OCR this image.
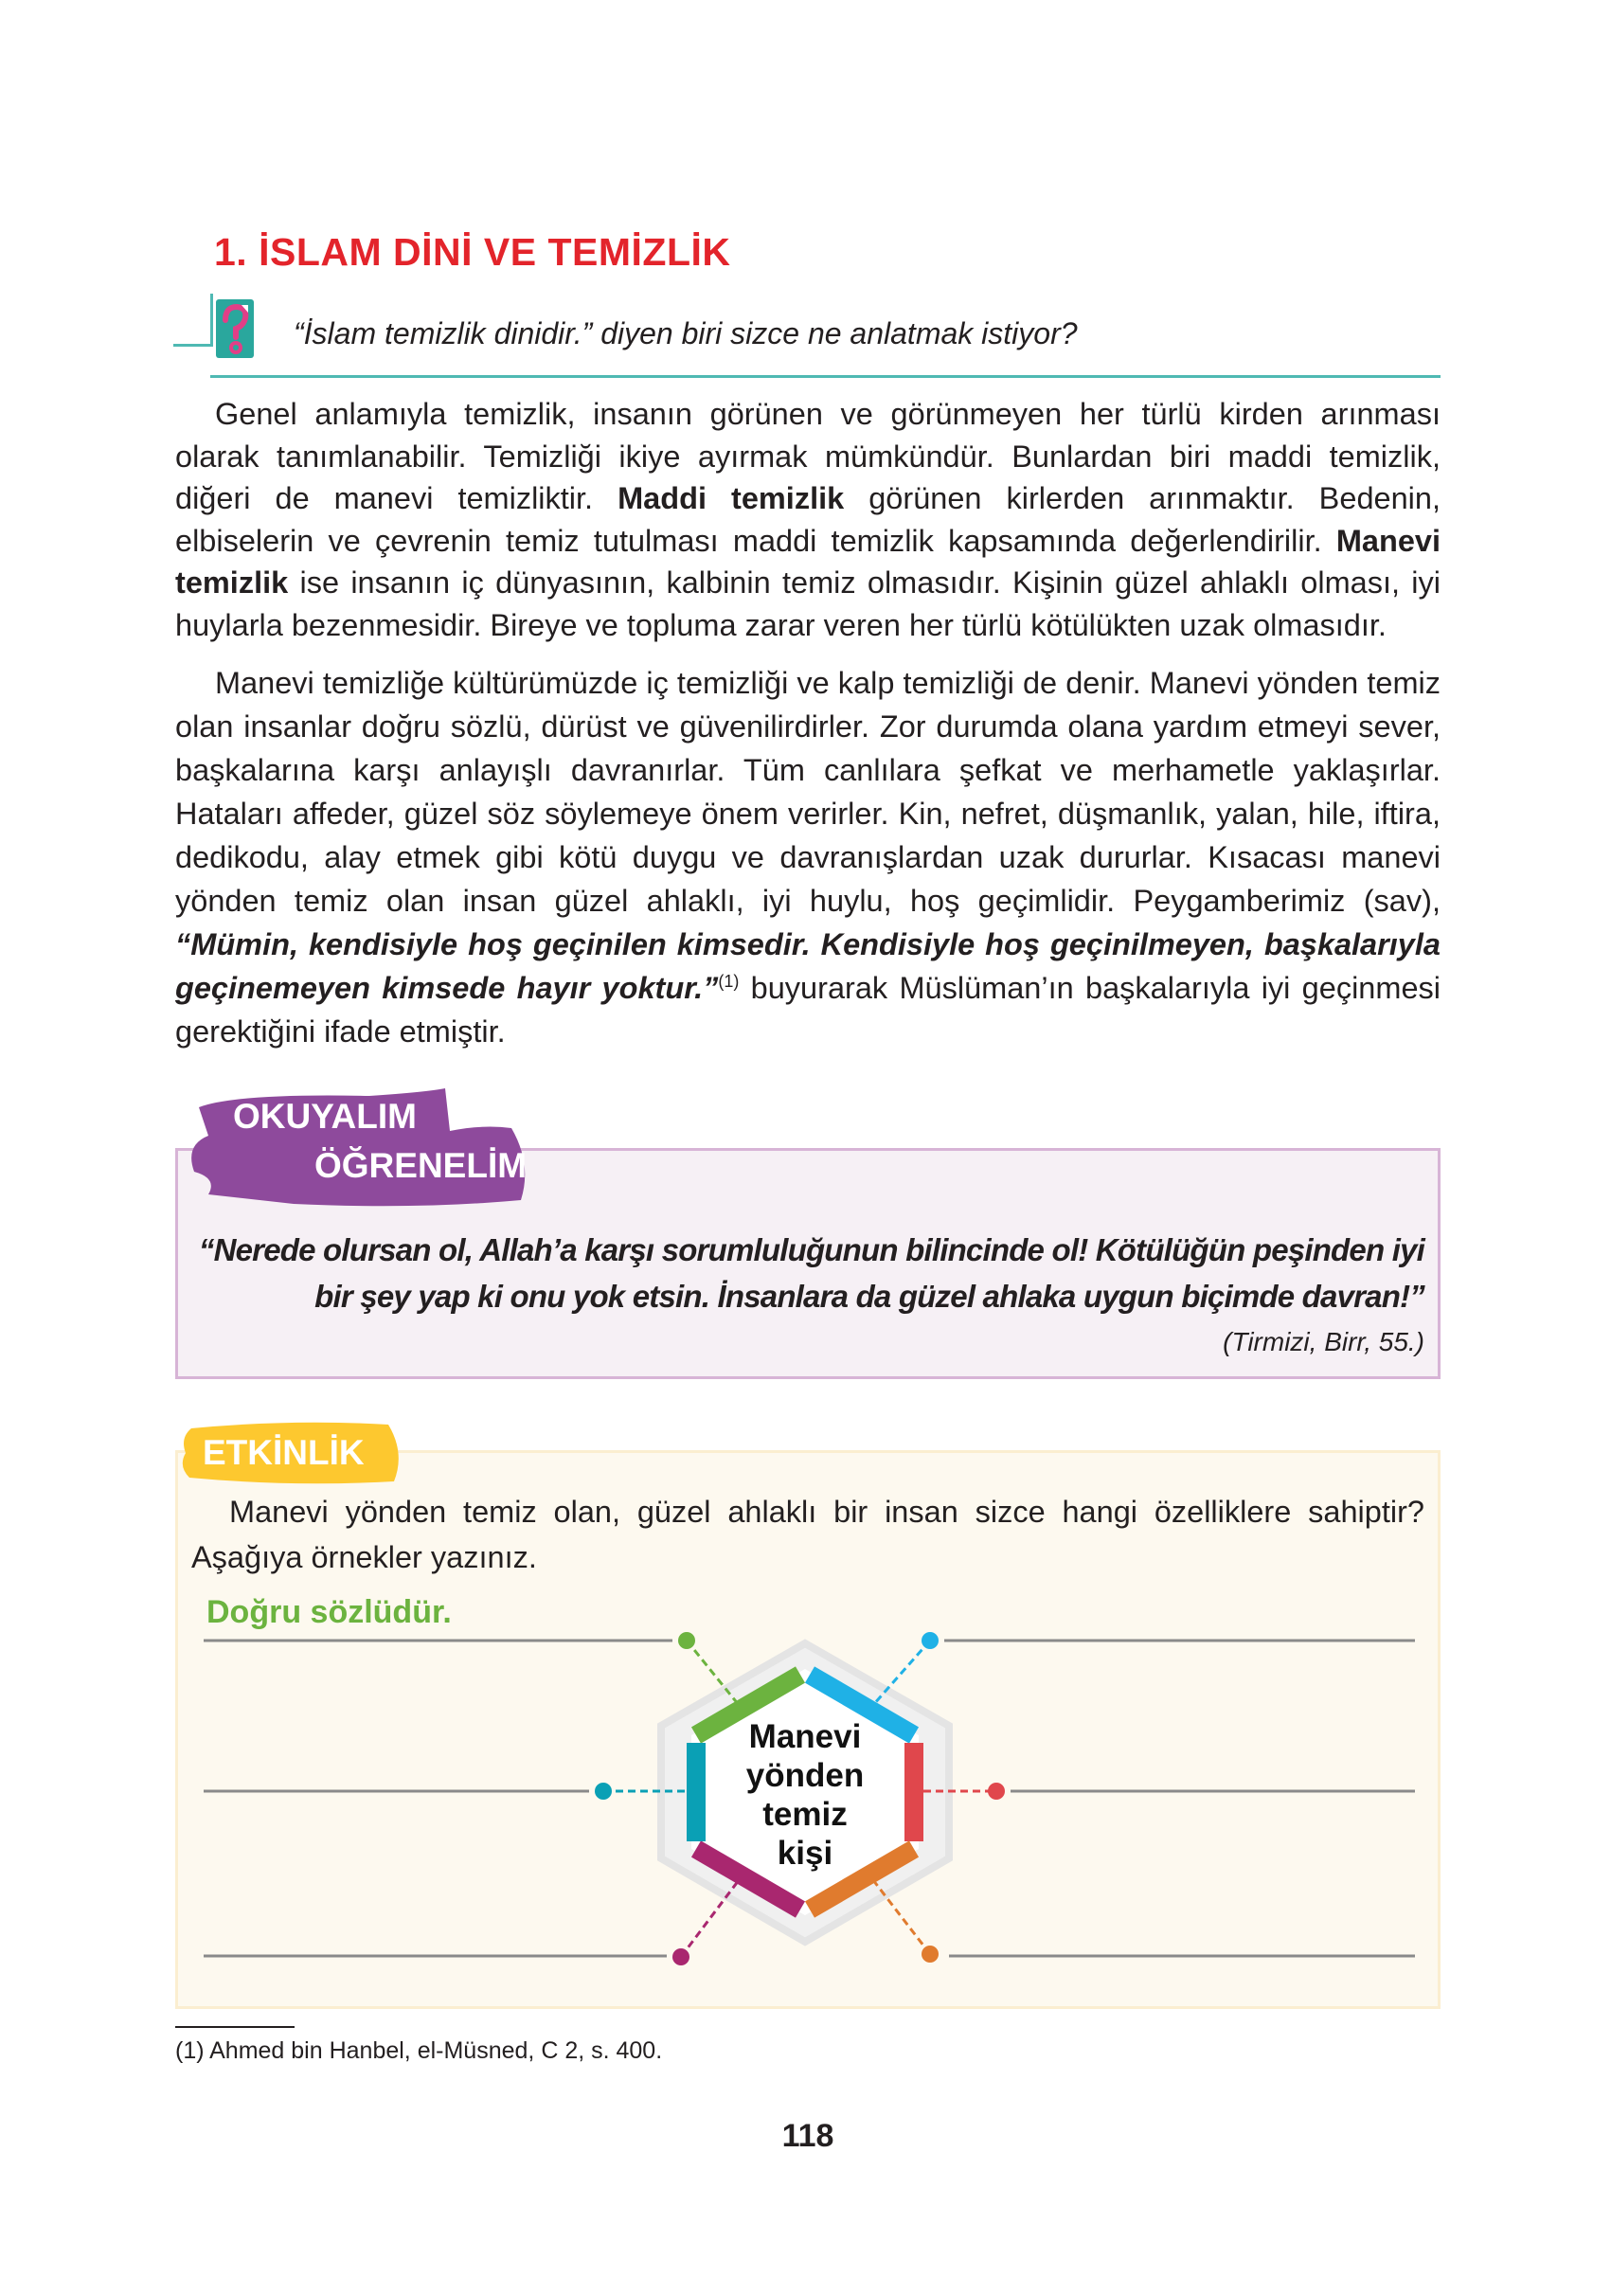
1. İSLAM DİNİ VE TEMİZLİK
“İslam temizlik dinidir.” diyen biri sizce ne anlatmak istiyor?

Genel anlamıyla temizlik, insanın görünen ve görünmeyen her türlü kirden arınması olarak tanımlanabilir. Temizliği ikiye ayırmak mümkündür. Bunlardan biri maddi temizlik, diğeri de manevi temizliktir. Maddi temizlik görünen kirlerden arınmaktır. Bedenin, elbiselerin ve çevrenin temiz tutulması maddi temizlik kapsamında değerlendirilir. Manevi temizlik ise insanın iç dünyasının, kalbinin temiz olmasıdır. Kişinin güzel ahlaklı olması, iyi huylarla bezenmesidir. Bireye ve topluma zarar veren her türlü kötülükten uzak olmasıdır.

Manevi temizliğe kültürümüzde iç temizliği ve kalp temizliği de denir. Manevi yönden temiz olan insanlar doğru sözlü, dürüst ve güvenilirdirler. Zor durumda olana yardım etmeyi sever, başkalarına karşı anlayışlı davranırlar. Tüm canlılara şefkat ve merhametle yaklaşırlar. Hataları affeder, güzel söz söylemeye önem verirler. Kin, nefret, düşmanlık, yalan, hile, iftira, dedikodu, alay etmek gibi kötü duygu ve davranışlardan uzak dururlar. Kısacası manevi yönden temiz olan insan güzel ahlaklı, iyi huylu, hoş geçimlidir. Peygamberimiz (sav), “Mümin, kendisiyle hoş geçinilen kimsedir. Kendisiyle hoş geçinilmeyen, başkalarıyla geçinemeyen kimsede hayır yoktur.”$^{(1)}$ buyurarak Müslüman’ın başkalarıyla iyi geçinmesi gerektiğini ifade etmiştir.

OKUYALIM
ÖĞRENELİM
“Nerede olursan ol, Allah’a karşı sorumluluğunun bilincinde ol! Kötülüğün peşinden iyi bir şey yap ki onu yok etsin. İnsanlara da güzel ahlaka uygun biçimde davran!”
(Tirmizi, Birr, 55.)
ETKİNLİK
Manevi yönden temiz olan, güzel ahlaklı bir insan sizce hangi özelliklere sahiptir? Aşağıya örnekler yazınız.
Doğru sözlüdür.
Manevi
yönden
temiz
kişi
(1) Ahmed bin Hanbel, el-Müsned, C 2, s. 400.
118
